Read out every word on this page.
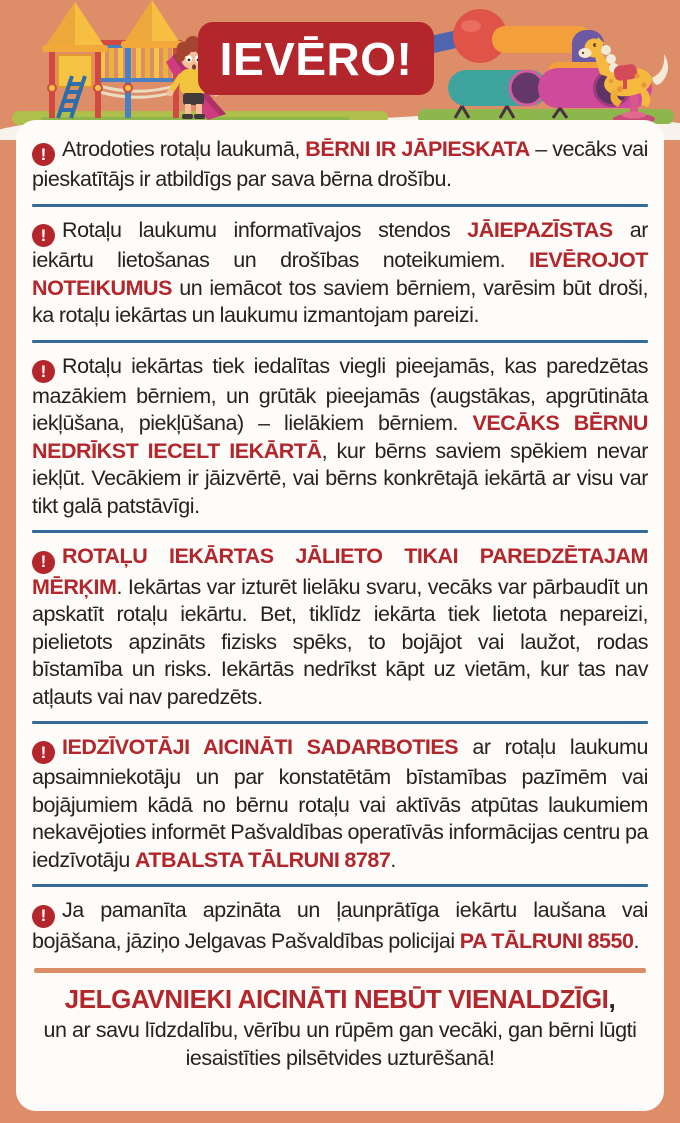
IEVĒRO!

! Atrodoties rotaļu laukumā, BĒRNI IR JĀPIESKATA – vecāks vai pieskatītājs ir atbildīgs par sava bērna drošību.

! Rotaļu laukumu informatīvajos stendos JĀIEPAZĪSTAS ar iekārtu lietošanas un drošības noteikumiem. IEVĒROJOT NOTEIKUMUS un iemācot tos saviem bērniem, varēsim būt droši, ka rotaļu iekārtas un laukumu izmantojam pareizi.

! Rotaļu iekārtas tiek iedalītas viegli pieejamās, kas paredzētas mazākiem bērniem, un grūtāk pieejamās (augstākas, apgrūtināta iekļūšana, piekļūšana) – lielākiem bērniem. VECĀKS BĒRNU NEDRĪKST IECELT IEKĀRTĀ, kur bērns saviem spēkiem nevar iekļūt. Vecākiem ir jāizvērtē, vai bērns konkrētajā iekārtā ar visu var tikt galā patstāvīgi.

! ROTAĻU IEKĀRTAS JĀLIETO TIKAI PAREDZĒTAJAM MĒRĶIM. Iekārtas var izturēt lielāku svaru, vecāks var pārbaudīt un apskatīt rotaļu iekārtu. Bet, tiklīdz iekārta tiek lietota nepareizi, pielietots apzināts fizisks spēks, to bojājot vai laužot, rodas bīstamība un risks. Iekārtās nedrīkst kāpt uz vietām, kur tas nav atļauts vai nav paredzēts.

! IEDZĪVOTĀJI AICINĀTI SADARBOTIES ar rotaļu laukumu apsaimniekotāju un par konstatētām bīstamības pazīmēm vai bojājumiem kādā no bērnu rotaļu vai aktīvās atpūtas laukumiem nekavējoties informēt Pašvaldības operatīvās informācijas centru pa iedzīvotāju ATBALSTA TĀLRUNI 8787.

! Ja pamanīta apzināta un ļaunprātīga iekārtu laušana vai bojāšana, jāziņo Jelgavas Pašvaldības policijai PA TĀLRUNI 8550.

JELGAVNIEKI AICINĀTI NEBŪT VIENALDZĪGI,
un ar savu līdzdalību, vērību un rūpēm gan vecāki, gan bērni lūgti iesaistīties pilsētvides uzturēšanā!
